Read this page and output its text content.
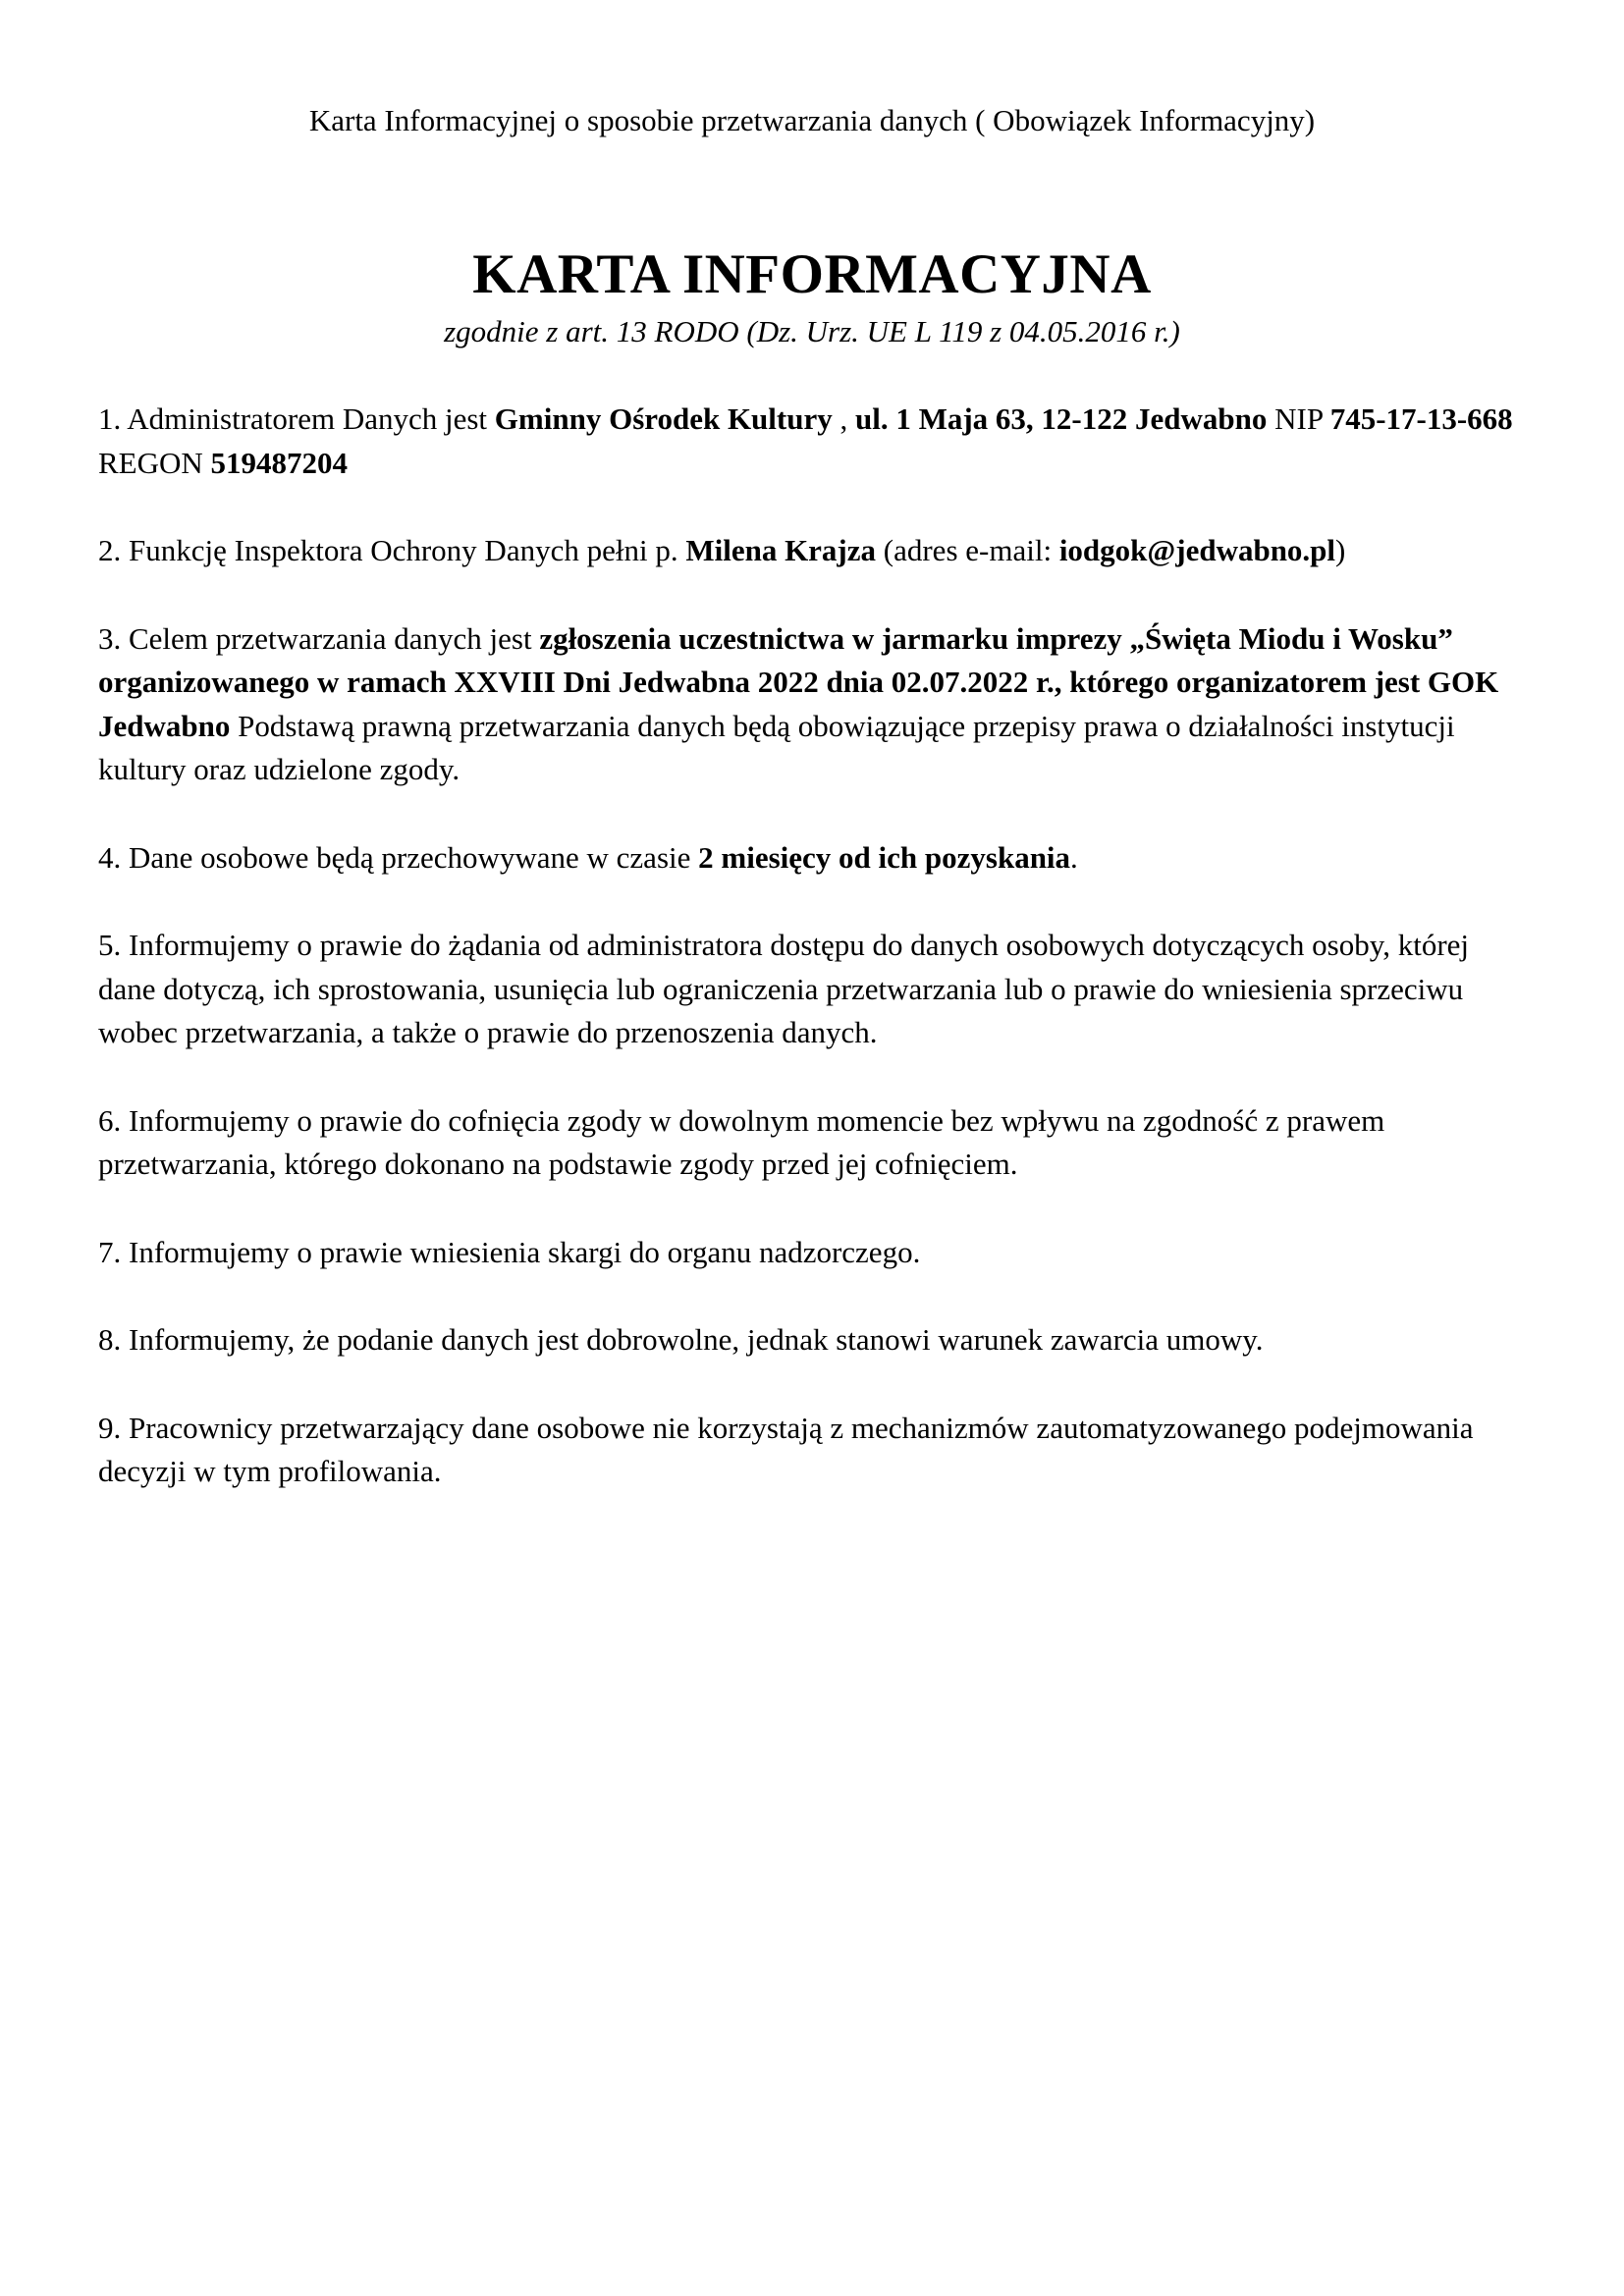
Karta Informacyjnej o sposobie przetwarzania danych ( Obowiązek Informacyjny)
KARTA INFORMACYJNA
zgodnie z art. 13 RODO (Dz. Urz. UE L 119 z 04.05.2016 r.)

1. Administratorem Danych jest Gminny Ośrodek Kultury , ul. 1 Maja 63, 12-122 Jedwabno NIP 745-17-13-668 REGON 519487204

2. Funkcję Inspektora Ochrony Danych pełni p. Milena Krajza (adres e-mail: iodgok@jedwabno.pl)

3. Celem przetwarzania danych jest zgłoszenia uczestnictwa w jarmarku imprezy „Święta Miodu i Wosku” organizowanego w ramach XXVIII Dni Jedwabna 2022 dnia 02.07.2022 r., którego organizatorem jest GOK Jedwabno Podstawą prawną przetwarzania danych będą obowiązujące przepisy prawa o działalności instytucji kultury oraz udzielone zgody.

4. Dane osobowe będą przechowywane w czasie 2 miesięcy od ich pozyskania.

5. Informujemy o prawie do żądania od administratora dostępu do danych osobowych dotyczących osoby, której dane dotyczą, ich sprostowania, usunięcia lub ograniczenia przetwarzania lub o prawie do wniesienia sprzeciwu wobec przetwarzania, a także o prawie do przenoszenia danych.

6. Informujemy o prawie do cofnięcia zgody w dowolnym momencie bez wpływu na zgodność z prawem przetwarzania, którego dokonano na podstawie zgody przed jej cofnięciem.

7. Informujemy o prawie wniesienia skargi do organu nadzorczego.

8. Informujemy, że podanie danych jest dobrowolne, jednak stanowi warunek zawarcia umowy.

9. Pracownicy przetwarzający dane osobowe nie korzystają z mechanizmów zautomatyzowanego podejmowania decyzji w tym profilowania.
